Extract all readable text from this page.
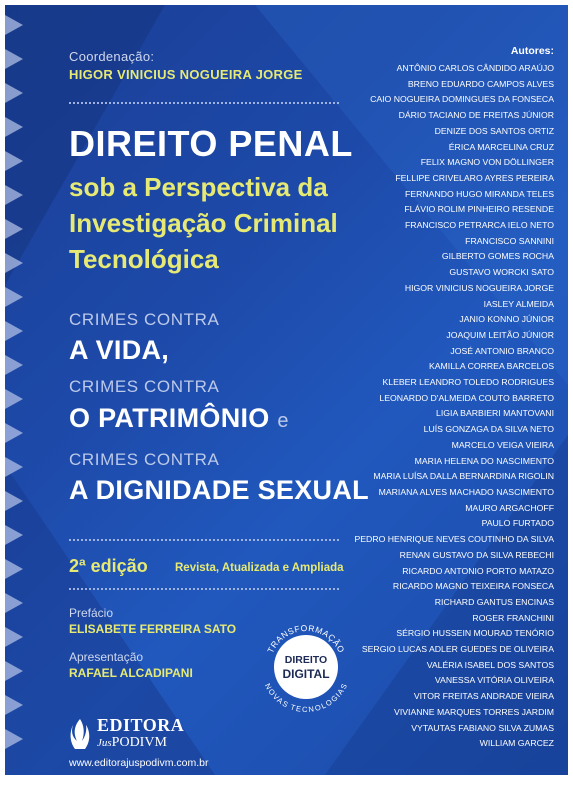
Coordenação:
HIGOR VINICIUS NOGUEIRA JORGE
DIREITO PENAL
sob a Perspectiva da
Investigação Criminal
Tecnológica
CRIMES CONTRA
A VIDA,
CRIMES CONTRA
O PATRIMÔNIO e
CRIMES CONTRA
A DIGNIDADE SEXUAL
2ª edição Revista, Atualizada e Ampliada
Prefácio
ELISABETE FERREIRA SATO
Apresentação
RAFAEL ALCADIPANI
TRANSFORMAÇÃO
NOVAS TECNOLOGIAS
DIREITO
DIGITAL
EDITORA
JusPODIVM
www.editorajuspodivm.com.br
Autores:
ANTÔNIO CARLOS CÂNDIDO ARAÚJO
BRENO EDUARDO CAMPOS ALVES
CAIO NOGUEIRA DOMINGUES DA FONSECA
DÁRIO TACIANO DE FREITAS JÚNIOR
DENIZE DOS SANTOS ORTIZ
ÉRICA MARCELINA CRUZ
FELIX MAGNO VON DÖLLINGER
FELLIPE CRIVELARO AYRES PEREIRA
FERNANDO HUGO MIRANDA TELES
FLÁVIO ROLIM PINHEIRO RESENDE
FRANCISCO PETRARCA IELO NETO
FRANCISCO SANNINI
GILBERTO GOMES ROCHA
GUSTAVO WORCKI SATO
HIGOR VINICIUS NOGUEIRA JORGE
IASLEY ALMEIDA
JANIO KONNO JÚNIOR
JOAQUIM LEITÃO JÚNIOR
JOSÉ ANTONIO BRANCO
KAMILLA CORREA BARCELOS
KLEBER LEANDRO TOLEDO RODRIGUES
LEONARDO D'ALMEIDA COUTO BARRETO
LIGIA BARBIERI MANTOVANI
LUÍS GONZAGA DA SILVA NETO
MARCELO VEIGA VIEIRA
MARIA HELENA DO NASCIMENTO
MARIA LUÍSA DALLA BERNARDINA RIGOLIN
MARIANA ALVES MACHADO NASCIMENTO
MAURO ARGACHOFF
PAULO FURTADO
PEDRO HENRIQUE NEVES COUTINHO DA SILVA
RENAN GUSTAVO DA SILVA REBECHI
RICARDO ANTONIO PORTO MATAZO
RICARDO MAGNO TEIXEIRA FONSECA
RICHARD GANTUS ENCINAS
ROGER FRANCHINI
SÉRGIO HUSSEIN MOURAD TENÓRIO
SERGIO LUCAS ADLER GUEDES DE OLIVEIRA
VALÉRIA ISABEL DOS SANTOS
VANESSA VITÓRIA OLIVEIRA
VITOR FREITAS ANDRADE VIEIRA
VIVIANNE MARQUES TORRES JARDIM
VYTAUTAS FABIANO SILVA ZUMAS
WILLIAM GARCEZ
